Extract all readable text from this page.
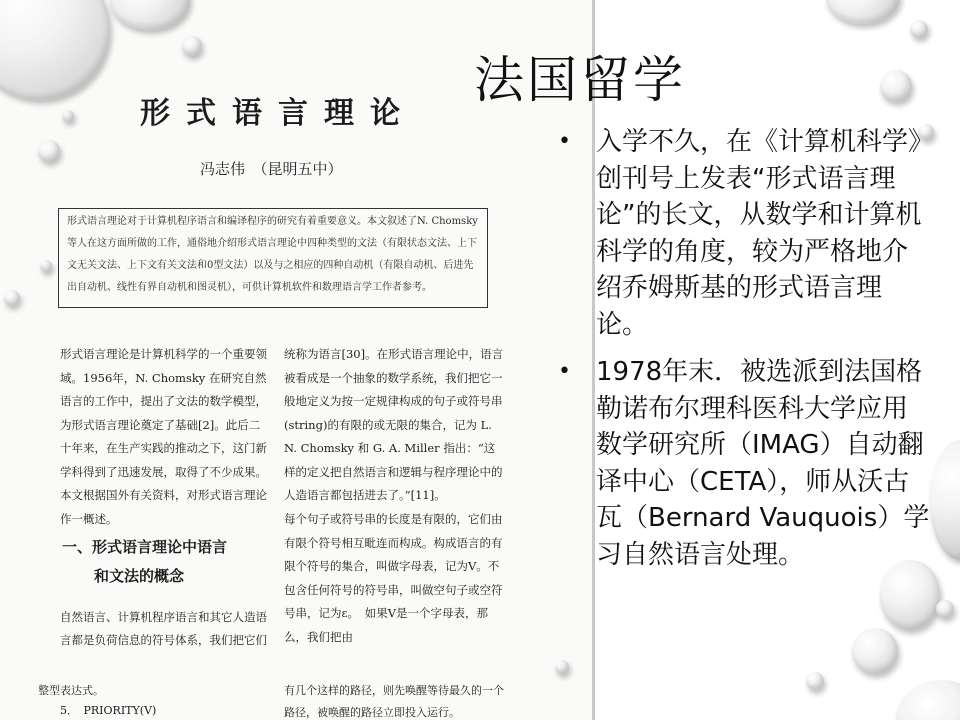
形式语言理论
冯志伟　（昆明五中）
形式语言理论对于计算机程序语言和编译程序的研究有着重要意义。本文叙述了N. Chomsky 等人在这方面所做的工作，通俗地介绍形式语言理论中四种类型的文法（有限状态文法、上下文无关文法、上下文有关文法和0型文法）以及与之相应的四种自动机（有限自动机、后进先出自动机、线性有界自动机和图灵机），可供计算机软件和数理语言学工作者参考。
形式语言理论是计算机科学的一个重要领域。1956年，N. Chomsky 在研究自然语言的工作中，提出了文法的数学模型，为形式语言理论奠定了基础[2]。此后二十年来，在生产实践的推动之下，这门新学科得到了迅速发展，取得了不少成果。本文根据国外有关资料，对形式语言理论作一概述。
一、形式语言理论中语言
和文法的概念
自然语言、计算机程序语言和其它人造语言都是负荷信息的符号体系，我们把它们
整型表达式。
5．　PRIORITY(V)
统称为语言[30]。在形式语言理论中，语言被看成是一个抽象的数学系统，我们把它一般地定义为按一定规律构成的句子或符号串(string)的有限的或无限的集合，记为 L. N. Chomsky 和 G. A. Miller 指出：“这样的定义把自然语言和逻辑与程序理论中的人造语言都包括进去了。”[11]。
每个句子或符号串的长度是有限的，它们由有限个符号相互毗连而构成。构成语言的有限个符号的集合，叫做字母表，记为V。不包含任何符号的符号串，叫做空句子或空符号串，记为ε。　如果V是一个字母表，那么，我们把由
有几个这样的路径，则先唤醒等待最久的一个路径，被唤醒的路径立即投入运行。
法国留学
• 入学不久，在《计算机科学》创刊号上发表“形式语言理论”的长文，从数学和计算机科学的角度，较为严格地介绍乔姆斯基的形式语言理论。
• 1978年末．被选派到法国格勒诺布尔理科医科大学应用数学研究所（IMAG）自动翻译中心（CETA），师从沃古瓦（Bernard Vauquois）学习自然语言处理。
